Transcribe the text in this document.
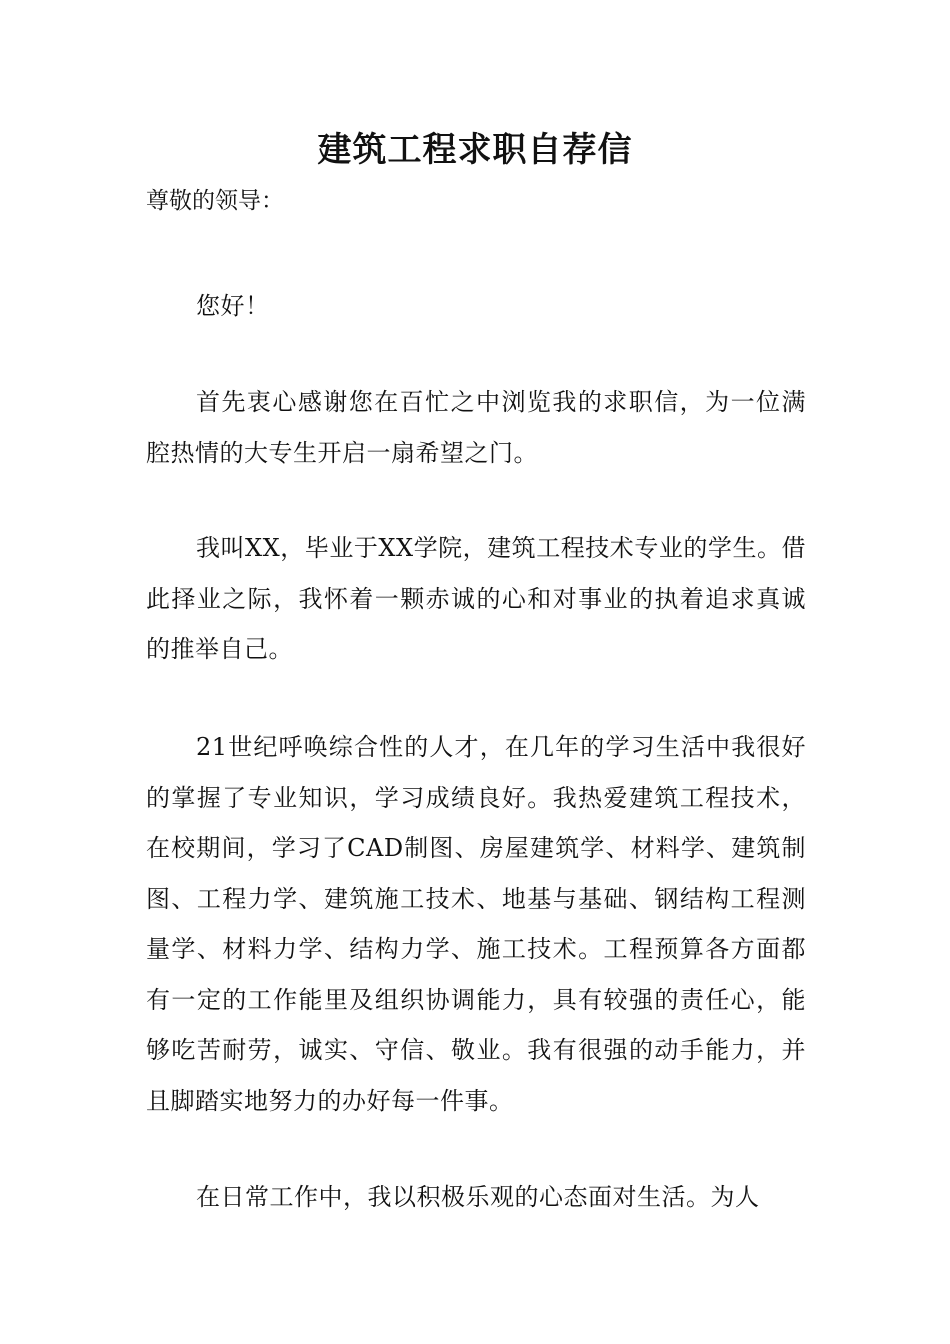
建筑工程求职自荐信

尊敬的领导：

您好！

首先衷心感谢您在百忙之中浏览我的求职信，为一位满腔热情的大专生开启一扇希望之门。

我叫XX，毕业于XX学院，建筑工程技术专业的学生。借此择业之际，我怀着一颗赤诚的心和对事业的执着追求真诚的推举自己。

21世纪呼唤综合性的人才，在几年的学习生活中我很好的掌握了专业知识，学习成绩良好。我热爱建筑工程技术，在校期间，学习了CAD制图、房屋建筑学、材料学、建筑制图、工程力学、建筑施工技术、地基与基础、钢结构工程测量学、材料力学、结构力学、施工技术。工程预算各方面都有一定的工作能里及组织协调能力，具有较强的责任心，能够吃苦耐劳，诚实、守信、敬业。我有很强的动手能力，并且脚踏实地努力的办好每一件事。

在日常工作中，我以积极乐观的心态面对生活。为人
